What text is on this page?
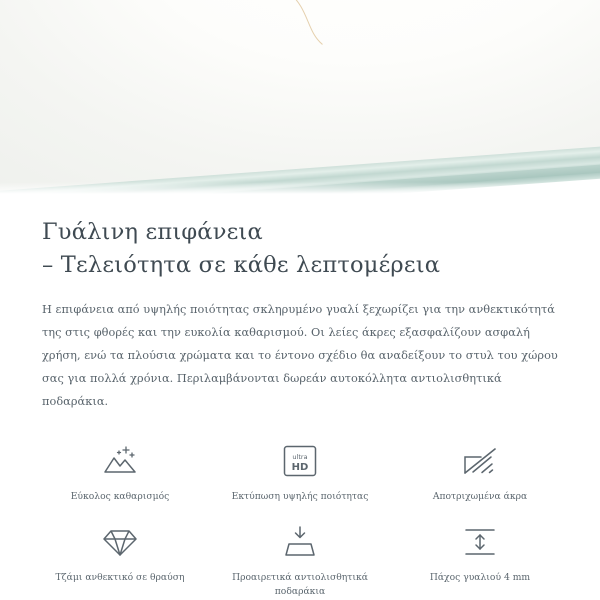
Γυάλινη επιφάνεια
– Τελειότητα σε κάθε λεπτομέρεια

Η επιφάνεια από υψηλής ποιότητας σκληρυμένο γυαλί ξεχωρίζει για την ανθεκτικότητά της στις φθορές και την ευκολία καθαρισμού. Οι λείες άκρες εξασφαλίζουν ασφαλή χρήση, ενώ τα πλούσια χρώματα και το έντονο σχέδιο θα αναδείξουν το στυλ του χώρου σας για πολλά χρόνια. Περιλαμβάνονται δωρεάν αυτοκόλλητα αντιολισθητικά ποδαράκια.

Εύκολος καθαρισμός
ultra
HD
Εκτύπωση υψηλής ποιότητας	Αποτριχωμένα άκρα
Τζάμι ανθεκτικό σε θραύση	Προαιρετικά αντιολισθητικά ποδαράκια
Πάχος γυαλιού 4 mm
